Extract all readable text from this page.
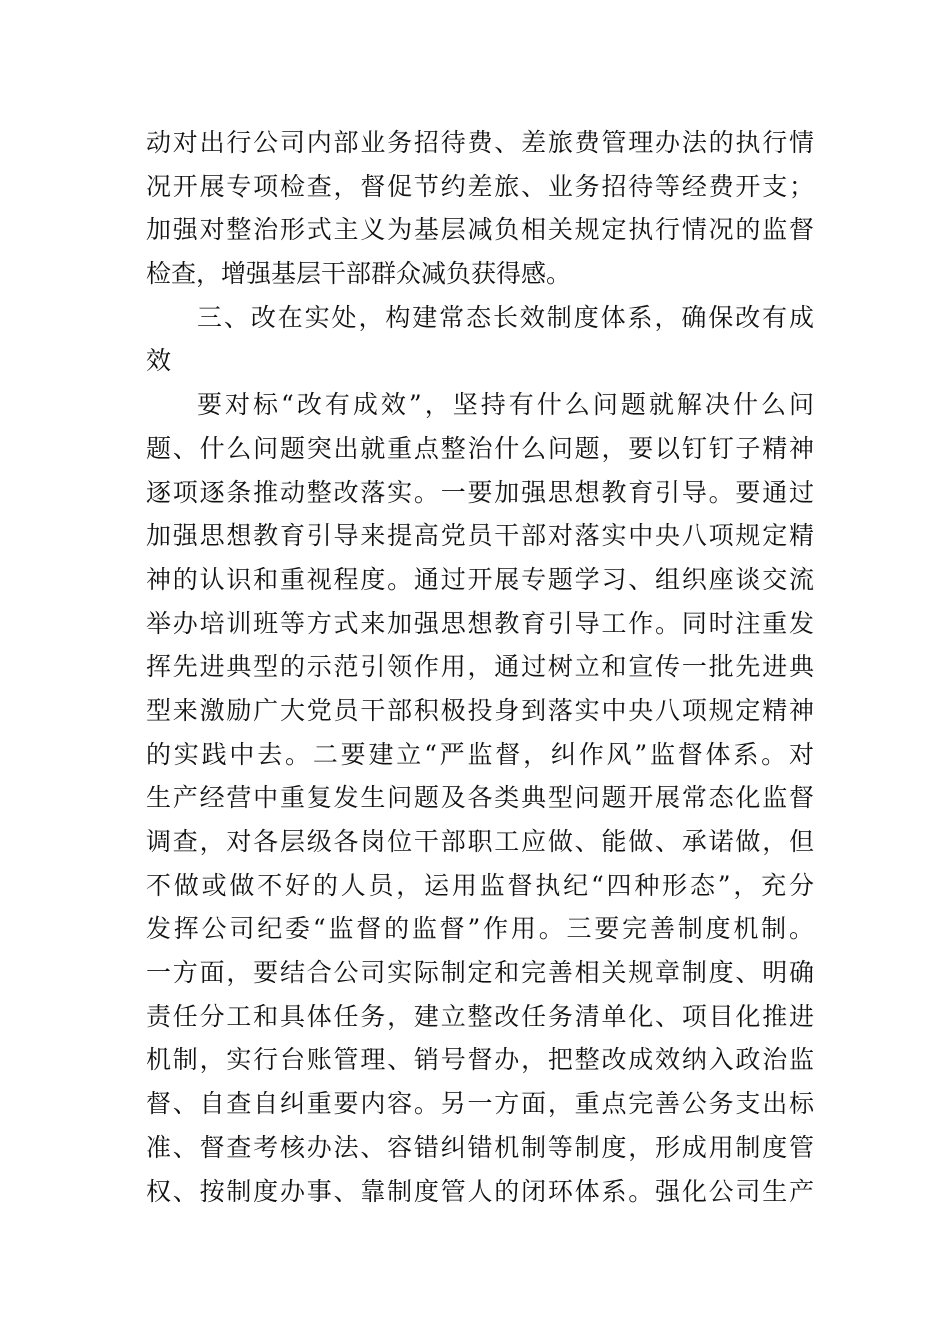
动对出行公司内部业务招待费、差旅费管理办法的执行情
况开展专项检查，督促节约差旅、业务招待等经费开支；
加强对整治形式主义为基层减负相关规定执行情况的监督
检查，增强基层干部群众减负获得感。
三、改在实处，构建常态长效制度体系，确保改有成
效
要对标“改有成效”，坚持有什么问题就解决什么问
题、什么问题突出就重点整治什么问题，要以钉钉子精神
逐项逐条推动整改落实。一要加强思想教育引导。要通过
加强思想教育引导来提高党员干部对落实中央八项规定精
神的认识和重视程度。通过开展专题学习、组织座谈交流
举办培训班等方式来加强思想教育引导工作。同时注重发
挥先进典型的示范引领作用，通过树立和宣传一批先进典
型来激励广大党员干部积极投身到落实中央八项规定精神
的实践中去。二要建立“严监督，纠作风”监督体系。对
生产经营中重复发生问题及各类典型问题开展常态化监督
调查，对各层级各岗位干部职工应做、能做、承诺做，但
不做或做不好的人员，运用监督执纪“四种形态”，充分
发挥公司纪委“监督的监督”作用。三要完善制度机制。
一方面，要结合公司实际制定和完善相关规章制度、明确
责任分工和具体任务，建立整改任务清单化、项目化推进
机制，实行台账管理、销号督办，把整改成效纳入政治监
督、自查自纠重要内容。另一方面，重点完善公务支出标
准、督查考核办法、容错纠错机制等制度，形成用制度管
权、按制度办事、靠制度管人的闭环体系。强化公司生产
